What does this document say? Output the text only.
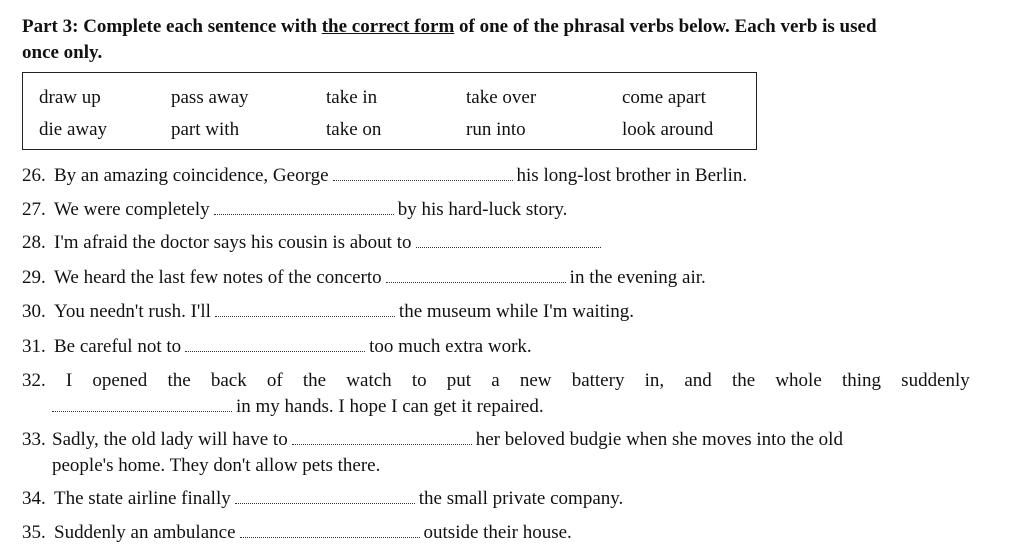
Part 3: Complete each sentence with the correct form of one of the phrasal verbs below. Each verb is used
once only.
draw up	pass away	take in	take over	come apart
die away	part with	take on	run into	look around
26. By an amazing coincidence, George	his long-lost brother in Berlin.
27. We were completely	by his hard-luck story.
28. I'm afraid the doctor says his cousin is about to
29. We heard the last few notes of the concerto	in the evening air.
30. You needn't rush. I'll	the museum while I'm waiting.
31. Be careful not to	too much extra work.
32. I opened the back of the watch to put a new battery in, and the whole thing suddenly
in my hands. I hope I can get it repaired.
33. Sadly, the old lady will have to	her beloved budgie when she moves into the old
people's home. They don't allow pets there.
34. The state airline finally	the small private company.
35. Suddenly an ambulance	outside their house.
